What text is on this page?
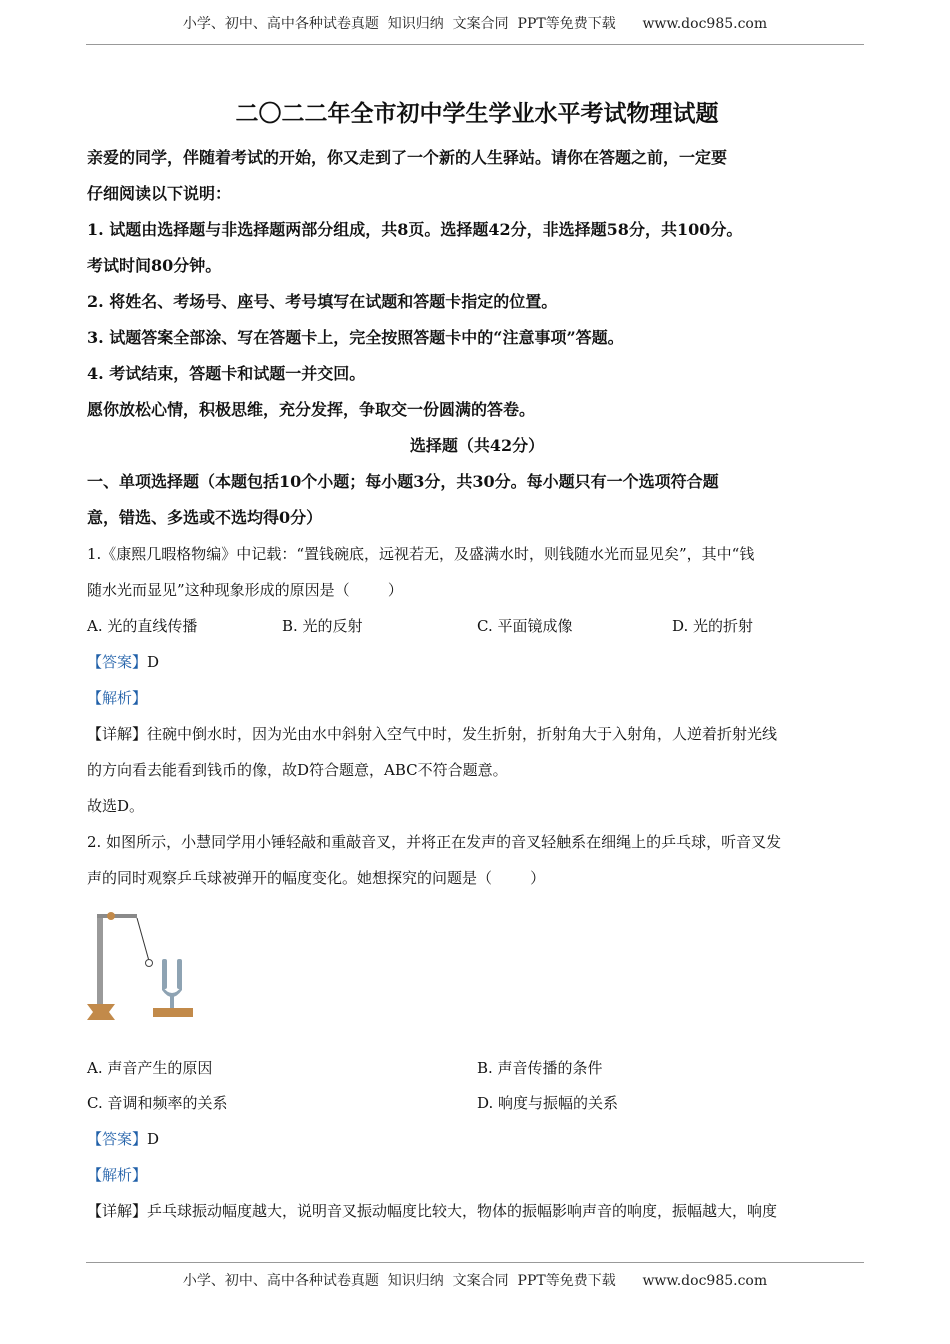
小学、初中、高中各种试卷真题  知识归纳  文案合同  PPT等免费下载      www.doc985.com
二〇二二年全市初中学生学业水平考试物理试题
亲爱的同学，伴随着考试的开始，你又走到了一个新的人生驿站。请你在答题之前，一定要
仔细阅读以下说明：
1. 试题由选择题与非选择题两部分组成，共8页。选择题42分，非选择题58分，共100分。
考试时间80分钟。
2. 将姓名、考场号、座号、考号填写在试题和答题卡指定的位置。
3. 试题答案全部涂、写在答题卡上，完全按照答题卡中的“注意事项”答题。
4. 考试结束，答题卡和试题一并交回。
愿你放松心情，积极思维，充分发挥，争取交一份圆满的答卷。
选择题（共42分）
一、单项选择题（本题包括10个小题；每小题3分，共30分。每小题只有一个选项符合题
意，错选、多选或不选均得0分）
1.《康熙几暇格物编》中记载：“置钱碗底，远视若无，及盛满水时，则钱随水光而显见矣”，其中“钱
随水光而显见”这种现象形成的原因是（        ）
A. 光的直线传播	B. 光的反射	C. 平面镜成像	D. 光的折射
【答案】D
【解析】
【详解】往碗中倒水时，因为光由水中斜射入空气中时，发生折射，折射角大于入射角，人逆着折射光线
的方向看去能看到钱币的像，故D符合题意，ABC不符合题意。
故选D。
2. 如图所示，小慧同学用小锤轻敲和重敲音叉，并将正在发声的音叉轻触系在细绳上的乒乓球，听音叉发
声的同时观察乒乓球被弹开的幅度变化。她想探究的问题是（        ）
A. 声音产生的原因	B. 声音传播的条件
C. 音调和频率的关系	D. 响度与振幅的关系
【答案】D
【解析】
【详解】乒乓球振动幅度越大，说明音叉振动幅度比较大，物体的振幅影响声音的响度，振幅越大，响度
小学、初中、高中各种试卷真题  知识归纳  文案合同  PPT等免费下载      www.doc985.com
